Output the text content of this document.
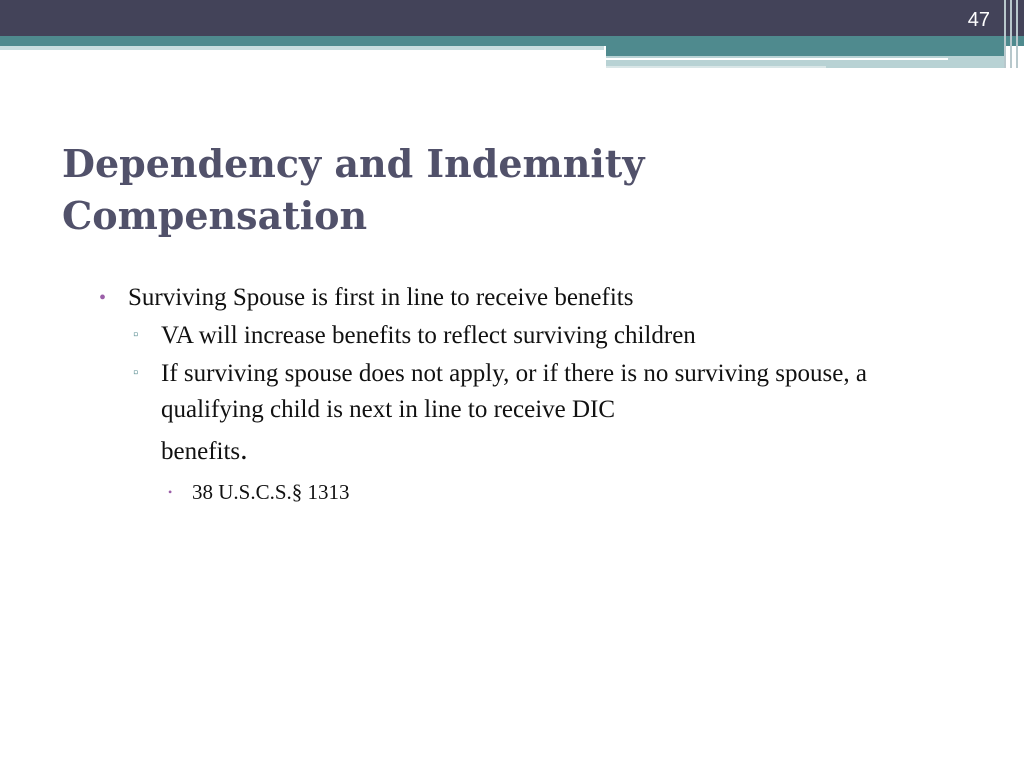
47
Dependency and Indemnity
Compensation
• Surviving Spouse is first in line to receive benefits
▫ VA will increase benefits to reflect surviving children
▫ If surviving spouse does not apply, or if there is no surviving spouse, a qualifying child is next in line to receive DIC
benefits.
• 38 U.S.C.S.§ 1313
